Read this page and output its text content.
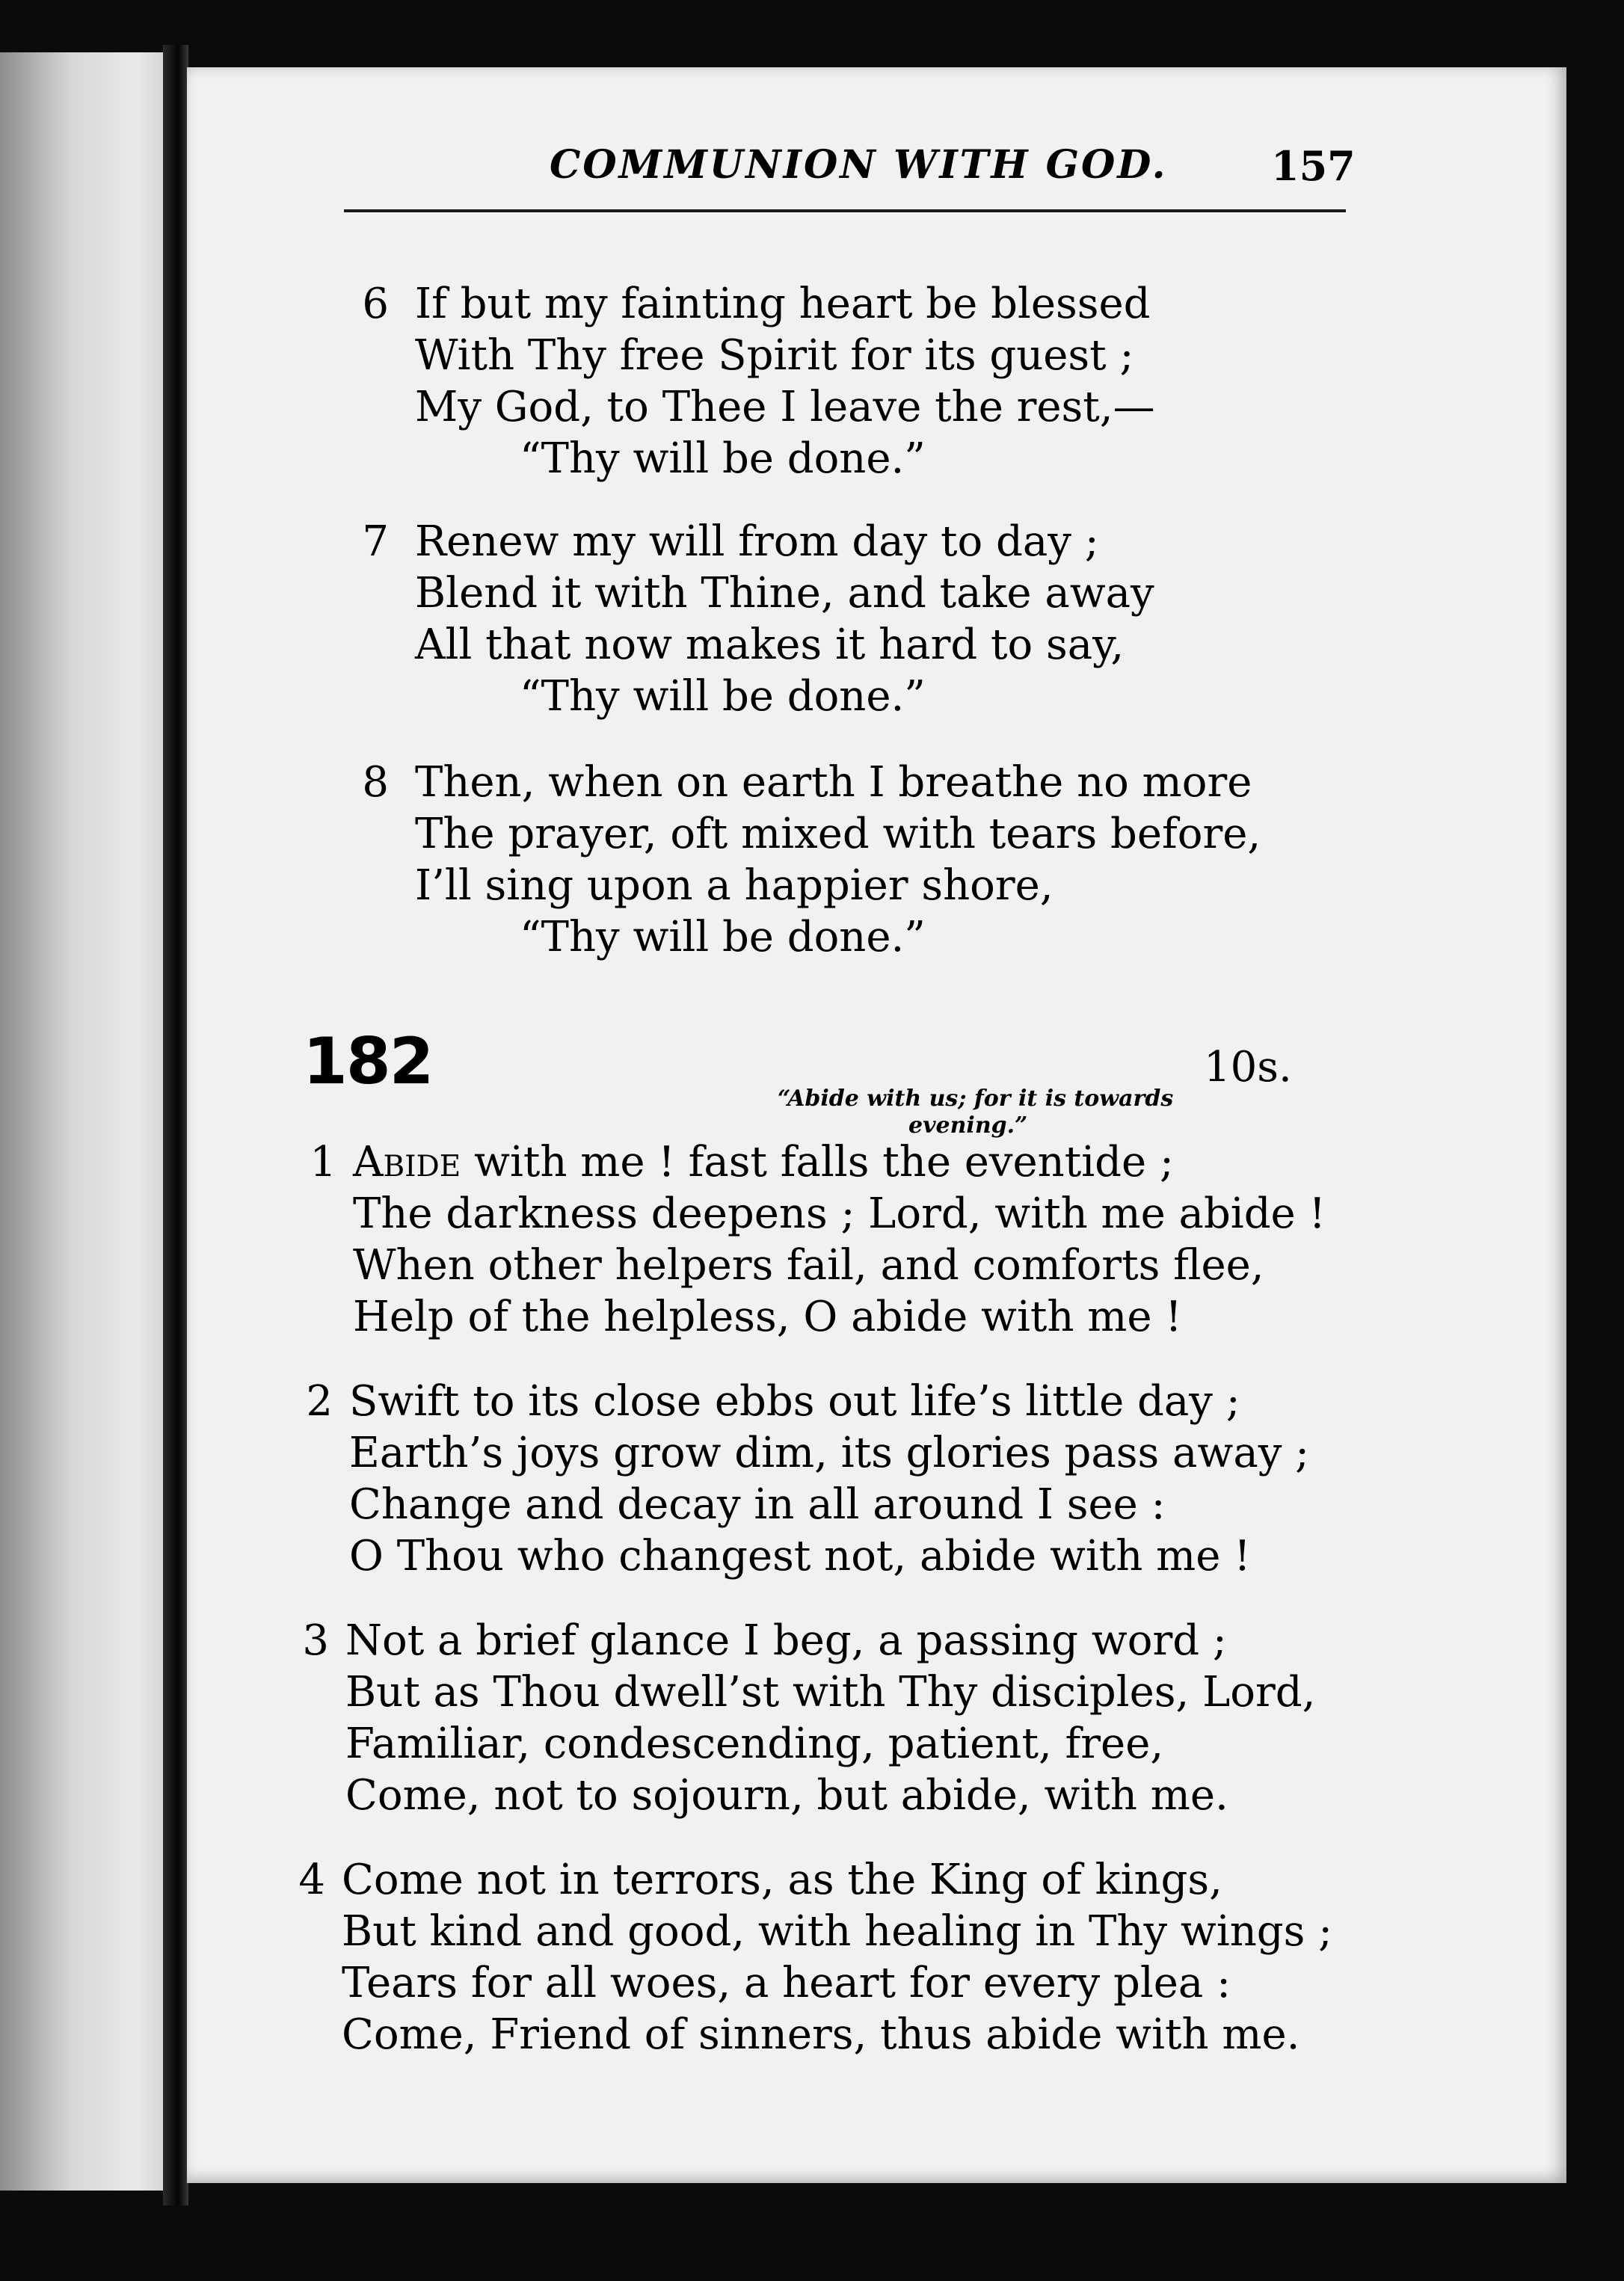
COMMUNION WITH GOD.	157
6 If but my fainting heart be blessed
With Thy free Spirit for its guest ;
My God, to Thee I leave the rest,—
“Thy will be done.”
7 Renew my will from day to day ;
Blend it with Thine, and take away
All that now makes it hard to say,
“Thy will be done.”
8 Then, when on earth I breathe no more
The prayer, oft mixed with tears before,
I’ll sing upon a happier shore,
“Thy will be done.”
182	10s.
“Abide with us; for it is towards
evening.”
1 Abide with me ! fast falls the eventide ;
The darkness deepens ; Lord, with me abide !
When other helpers fail, and comforts flee,
Help of the helpless, O abide with me !
2 Swift to its close ebbs out life’s little day ;
Earth’s joys grow dim, its glories pass away ;
Change and decay in all around I see :
O Thou who changest not, abide with me !
3 Not a brief glance I beg, a passing word ;
But as Thou dwell’st with Thy disciples, Lord,
Familiar, condescending, patient, free,
Come, not to sojourn, but abide, with me.
4 Come not in terrors, as the King of kings,
But kind and good, with healing in Thy wings ;
Tears for all woes, a heart for every plea :
Come, Friend of sinners, thus abide with me.
